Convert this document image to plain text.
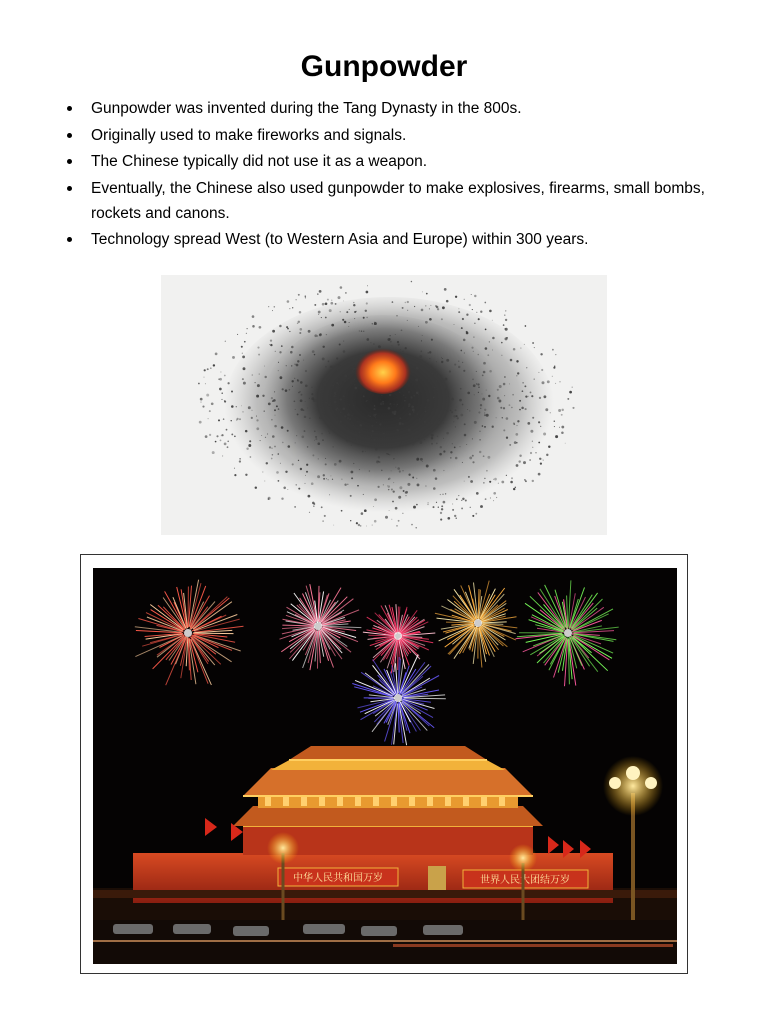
Gunpowder
Gunpowder was invented during the Tang Dynasty in the 800s.
Originally used to make fireworks and signals.
The Chinese typically did not use it as a weapon.
Eventually, the Chinese also used gunpowder to make explosives, firearms, small bombs, rockets and canons.
Technology spread West (to Western Asia and Europe) within 300 years.
中华人民共和国万岁	世界人民大团结万岁
